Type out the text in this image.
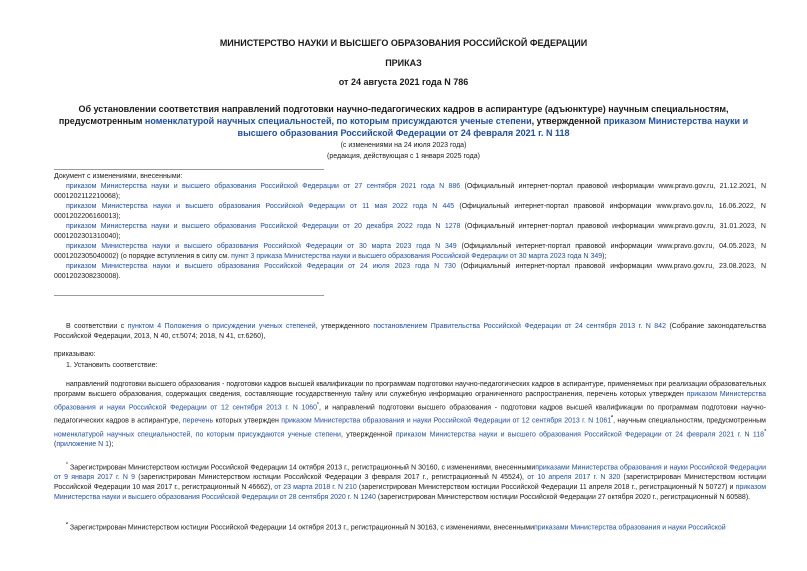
МИНИСТЕРСТВО НАУКИ И ВЫСШЕГО ОБРАЗОВАНИЯ РОССИЙСКОЙ ФЕДЕРАЦИИ
ПРИКАЗ
от 24 августа 2021 года N 786
Об установлении соответствия направлений подготовки научно-педагогических кадров в аспирантуре (адъюнктуре) научным специальностям, предусмотренным номенклатурой научных специальностей, по которым присуждаются ученые степени, утвержденной приказом Министерства науки и высшего образования Российской Федерации от 24 февраля 2021 г. N 118
(с изменениями на 24 июля 2023 года)
(редакция, действующая с 1 января 2025 года)
Документ с изменениями, внесенными:
приказом Министерства науки и высшего образования Российской Федерации от 27 сентября 2021 года N 886 (Официальный интернет-портал правовой информации www.pravo.gov.ru, 21.12.2021, N 0001202112210068);
приказом Министерства науки и высшего образования Российской Федерации от 11 мая 2022 года N 445 (Официальный интернет-портал правовой информации www.pravo.gov.ru, 16.06.2022, N 0001202206160013);
приказом Министерства науки и высшего образования Российской Федерации от 20 декабря 2022 года N 1278 (Официальный интернет-портал правовой информации www.pravo.gov.ru, 31.01.2023, N 0001202301310040);
приказом Министерства науки и высшего образования Российской Федерации от 30 марта 2023 года N 349 (Официальный интернет-портал правовой информации www.pravo.gov.ru, 04.05.2023, N 0001202305040002) (о порядке вступления в силу см. пункт 3 приказа Министерства науки и высшего образования Российской Федерации от 30 марта 2023 года N 349);
приказом Министерства науки и высшего образования Российской Федерации от 24 июля 2023 года N 730 (Официальный интернет-портал правовой информации www.pravo.gov.ru, 23.08.2023, N 0001202308230008).
В соответствии с пунктом 4 Положения о присуждении ученых степеней, утвержденного постановлением Правительства Российской Федерации от 24 сентября 2013 г. N 842 (Собрание законодательства Российской Федерации, 2013, N 40, ст.5074; 2018, N 41, ст.6260),
приказываю:
1. Установить соответствие:
направлений подготовки высшего образования - подготовки кадров высшей квалификации по программам подготовки научно-педагогических кадров в аспирантуре, применяемых при реализации образовательных программ высшего образования, содержащих сведения, составляющие государственную тайну или служебную информацию ограниченного распространения, перечень которых утвержден приказом Министерства образования и науки Российской Федерации от 12 сентября 2013 г. N 1060$^{^1}$, и направлений подготовки высшего образования - подготовки кадров высшей квалификации по программам подготовки научно-педагогических кадров в аспирантуре, перечень которых утвержден приказом Министерства образования и науки Российской Федерации от 12 сентября 2013 г. N 1061$^{^2}$, научным специальностям, предусмотренным номенклатурой научных специальностей, по которым присуждаются ученые степени, утвержденной приказом Министерства науки и высшего образования Российской Федерации от 24 февраля 2021 г. N 118$^{^3}$ (приложение N 1);
$^{^1}$ Зарегистрирован Министерством юстиции Российской Федерации 14 октября 2013 г., регистрационный N 30160, с изменениями, внесеннымиприказами Министерства образования и науки Российской Федерации от 9 января 2017 г. N 9 (зарегистрирован Министерством юстиции Российской Федерации 3 февраля 2017 г., регистрационный N 45524), от 10 апреля 2017 г. N 320 (зарегистрирован Министерством юстиции Российской Федерации 10 мая 2017 г., регистрационный N 46662), от 23 марта 2018 г. N 210 (зарегистрирован Министерством юстиции Российской Федерации 11 апреля 2018 г., регистрационный N 50727) и приказом Министерства науки и высшего образования Российской Федерации от 28 сентября 2020 г. N 1240 (зарегистрирован Министерством юстиции Российской Федерации 27 октября 2020 г., регистрационный N 60588).
$^{^2}$ Зарегистрирован Министерством юстиции Российской Федерации 14 октября 2013 г., регистрационный N 30163, с изменениями, внесеннымиприказами Министерства образования и науки Российской
